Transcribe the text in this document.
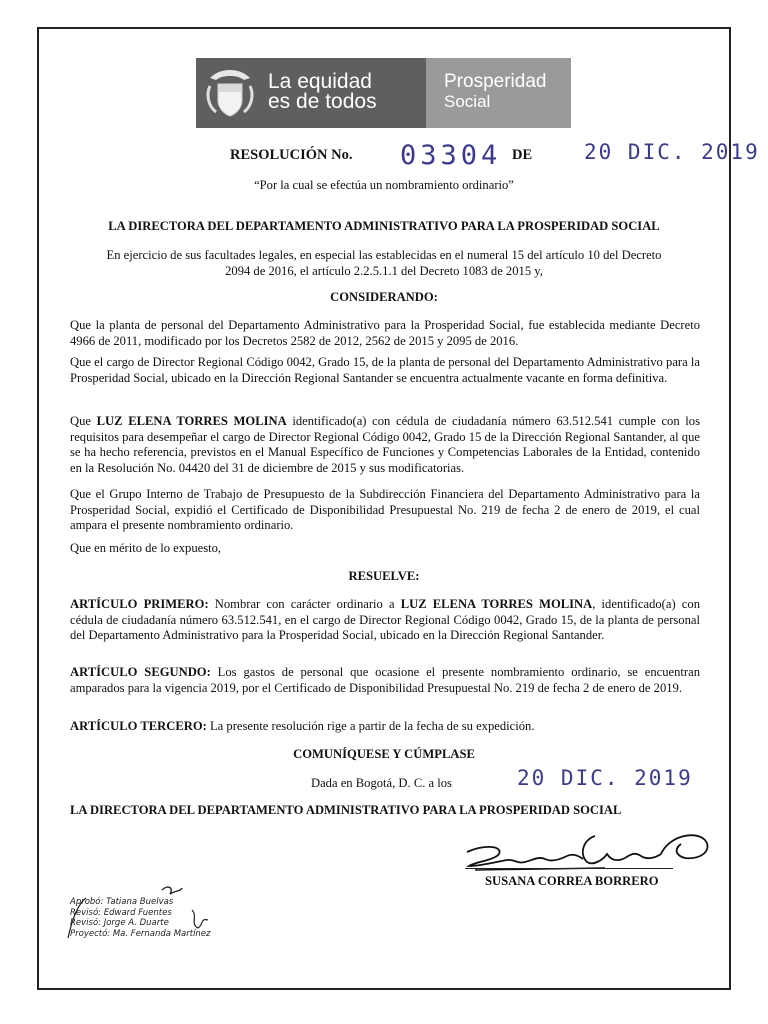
La equidad
es de todos
Prosperidad
Social
RESOLUCIÓN No. 03304 DE 20 DIC. 2019
“Por la cual se efectúa un nombramiento ordinario”
LA DIRECTORA DEL DEPARTAMENTO ADMINISTRATIVO PARA LA PROSPERIDAD SOCIAL
En ejercicio de sus facultades legales, en especial las establecidas en el numeral 15 del artículo 10 del Decreto 2094 de 2016, el artículo 2.2.5.1.1 del Decreto 1083 de 2015 y,
CONSIDERANDO:
Que la planta de personal del Departamento Administrativo para la Prosperidad Social, fue establecida mediante Decreto 4966 de 2011, modificado por los Decretos 2582 de 2012, 2562 de 2015 y 2095 de 2016.
Que el cargo de Director Regional Código 0042, Grado 15, de la planta de personal del Departamento Administrativo para la Prosperidad Social, ubicado en la Dirección Regional Santander se encuentra actualmente vacante en forma definitiva.
Que LUZ ELENA TORRES MOLINA identificado(a) con cédula de ciudadanía número 63.512.541 cumple con los requisitos para desempeñar el cargo de Director Regional Código 0042, Grado 15 de la Dirección Regional Santander, al que se ha hecho referencia, previstos en el Manual Específico de Funciones y Competencias Laborales de la Entidad, contenido en la Resolución No. 04420 del 31 de diciembre de 2015 y sus modificatorias.
Que el Grupo Interno de Trabajo de Presupuesto de la Subdirección Financiera del Departamento Administrativo para la Prosperidad Social, expidió el Certificado de Disponibilidad Presupuestal No. 219 de fecha 2 de enero de 2019, el cual ampara el presente nombramiento ordinario.
Que en mérito de lo expuesto,
RESUELVE:
ARTÍCULO PRIMERO: Nombrar con carácter ordinario a LUZ ELENA TORRES MOLINA, identificado(a) con cédula de ciudadanía número 63.512.541, en el cargo de Director Regional Código 0042, Grado 15, de la planta de personal del Departamento Administrativo para la Prosperidad Social, ubicado en la Dirección Regional Santander.
ARTÍCULO SEGUNDO: Los gastos de personal que ocasione el presente nombramiento ordinario, se encuentran amparados para la vigencia 2019, por el Certificado de Disponibilidad Presupuestal No. 219 de fecha 2 de enero de 2019.
ARTÍCULO TERCERO: La presente resolución rige a partir de la fecha de su expedición.
COMUNÍQUESE Y CÚMPLASE
Dada en Bogotá, D. C. a los	20 DIC. 2019
LA DIRECTORA DEL DEPARTAMENTO ADMINISTRATIVO PARA LA PROSPERIDAD SOCIAL
SUSANA CORREA BORRERO
Aprobó: Tatiana Buelvas
Revisó: Edward Fuentes
Revisó: Jorge A. Duarte
Proyectó: Ma. Fernanda Martínez
